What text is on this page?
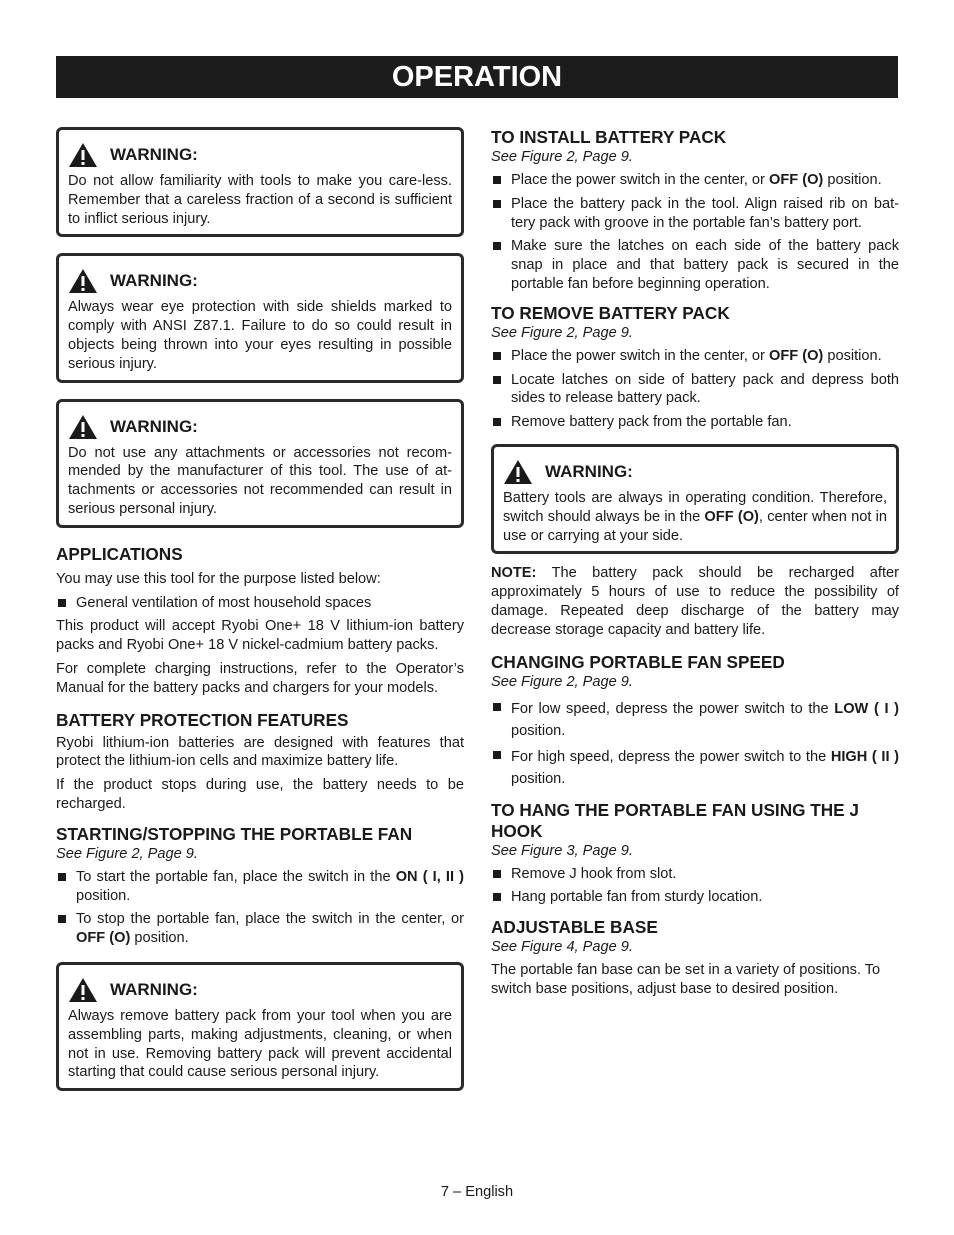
OPERATION
WARNING:
Do not allow familiarity with tools to make you care-less. Remember that a careless fraction of a second is sufficient to inflict serious injury.
WARNING:
Always wear eye protection with side shields marked to comply with ANSI Z87.1. Failure to do so could result in objects being thrown into your eyes resulting in possible serious injury.
WARNING:
Do not use any attachments or accessories not recom-mended by the manufacturer of this tool. The use of at-tachments or accessories not recommended can result in serious personal injury.
APPLICATIONS

You may use this tool for the purpose listed below:

General ventilation of most household spaces

This product will accept Ryobi One+ 18 V lithium-ion battery packs and Ryobi One+ 18 V nickel-cadmium battery packs.

For complete charging instructions, refer to the Operator’s Manual for the battery packs and chargers for your models.

BATTERY PROTECTION FEATURES

Ryobi lithium-ion batteries are designed with features that protect the lithium-ion cells and maximize battery life.

If the product stops during use, the battery needs to be recharged.

STARTING/STOPPING THE PORTABLE FAN
See Figure 2, Page 9.
To start the portable fan, place the switch in the ON ( I, II ) position.
To stop the portable fan, place the switch in the center, or OFF (O) position.
WARNING:
Always remove battery pack from your tool when you are assembling parts, making adjustments, cleaning, or when not in use. Removing battery pack will prevent accidental starting that could cause serious personal injury.
TO INSTALL BATTERY PACK
See Figure 2, Page 9.
Place the power switch in the center, or OFF (O) position.
Place the battery pack in the tool. Align raised rib on bat-tery pack with groove in the portable fan’s battery port.
Make sure the latches on each side of the battery pack snap in place and that battery pack is secured in the portable fan before beginning operation.
TO REMOVE BATTERY PACK
See Figure 2, Page 9.
Place the power switch in the center, or OFF (O) position.
Locate latches on side of battery pack and depress both sides to release battery pack.
Remove battery pack from the portable fan.
WARNING:
Battery tools are always in operating condition. Therefore, switch should always be in the OFF (O), center when not in use or carrying at your side.

NOTE: The battery pack should be recharged after approximately 5 hours of use to reduce the possibility of damage. Repeated deep discharge of the battery may decrease storage capacity and battery life.

CHANGING PORTABLE FAN SPEED
See Figure 2, Page 9.
For low speed, depress the power switch to the LOW ( I ) position.
For high speed, depress the power switch to the HIGH ( II ) position.
TO HANG THE PORTABLE FAN USING THE J HOOK
See Figure 3, Page 9.
Remove J hook from slot.
Hang portable fan from sturdy location.
ADJUSTABLE BASE
See Figure 4, Page 9.

The portable fan base can be set in a variety of positions. To switch base positions, adjust base to desired position.

7 – English
